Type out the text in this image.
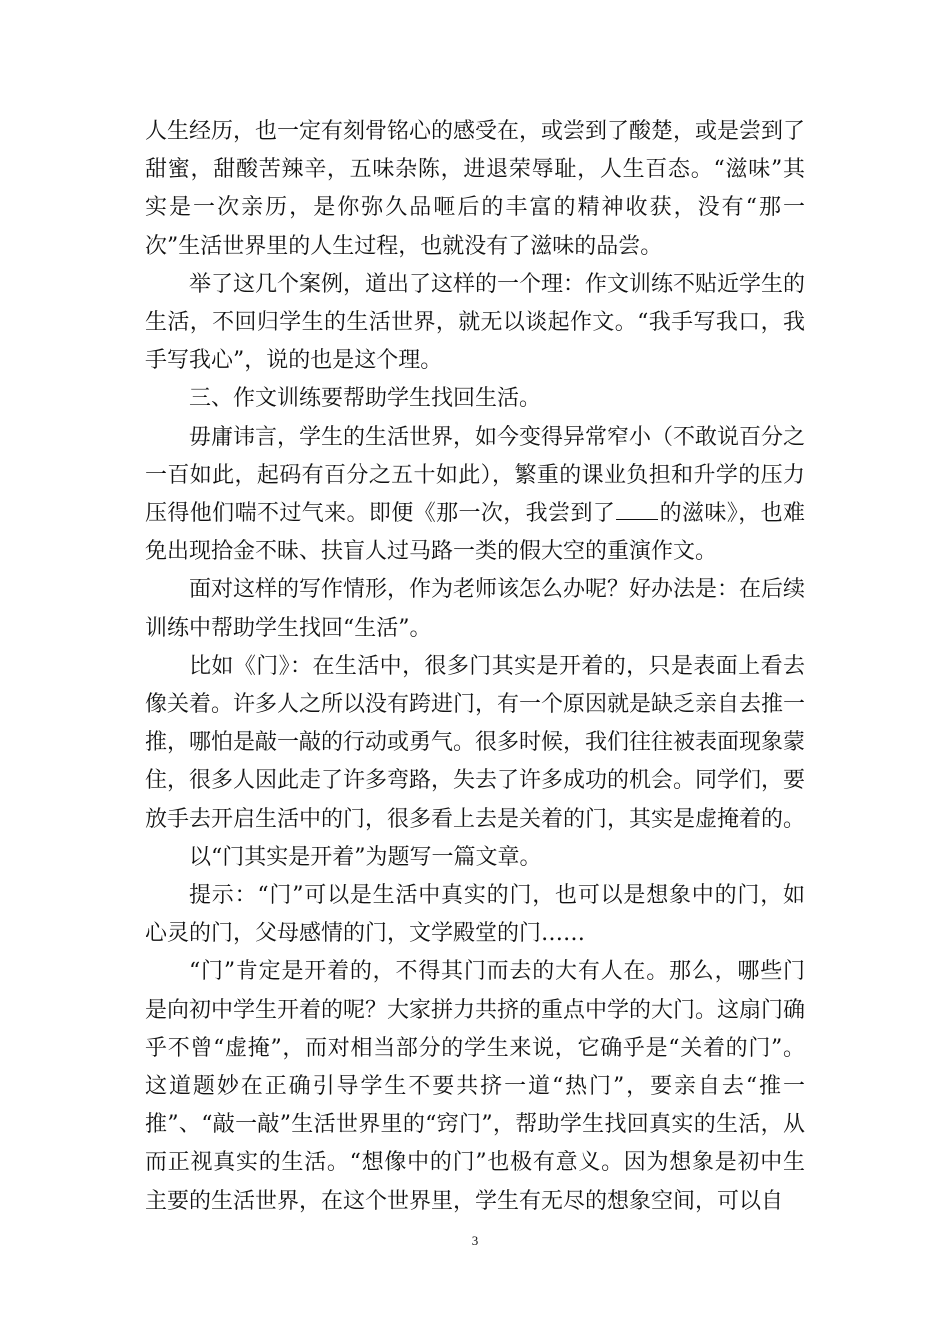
人生经历，也一定有刻骨铭心的感受在，或尝到了酸楚，或是尝到了甜蜜，甜酸苦辣辛，五味杂陈，进退荣辱耻，人生百态。“滋味”其实是一次亲历，是你弥久品咂后的丰富的精神收获，没有“那一次”生活世界里的人生过程，也就没有了滋味的品尝。

举了这几个案例，道出了这样的一个理：作文训练不贴近学生的生活，不回归学生的生活世界，就无以谈起作文。“我手写我口，我手写我心”，说的也是这个理。

三、作文训练要帮助学生找回生活。

毋庸讳言，学生的生活世界，如今变得异常窄小（不敢说百分之一百如此，起码有百分之五十如此），繁重的课业负担和升学的压力压得他们喘不过气来。即便《那一次，我尝到了 的滋味》，也难免出现拾金不昧、扶盲人过马路一类的假大空的重演作文。

面对这样的写作情形，作为老师该怎么办呢？好办法是：在后续训练中帮助学生找回“生活”。

比如《门》：在生活中，很多门其实是开着的，只是表面上看去像关着。许多人之所以没有跨进门，有一个原因就是缺乏亲自去推一推，哪怕是敲一敲的行动或勇气。很多时候，我们往往被表面现象蒙住，很多人因此走了许多弯路，失去了许多成功的机会。同学们，要放手去开启生活中的门，很多看上去是关着的门，其实是虚掩着的。

以“门其实是开着”为题写一篇文章。

提示：“门”可以是生活中真实的门，也可以是想象中的门，如心灵的门，父母感情的门，文学殿堂的门……

“门”肯定是开着的，不得其门而去的大有人在。那么，哪些门是向初中学生开着的呢？大家拼力共挤的重点中学的大门。这扇门确乎不曾“虚掩”，而对相当部分的学生来说，它确乎是“关着的门”。这道题妙在正确引导学生不要共挤一道“热门”，要亲自去“推一推”、“敲一敲”生活世界里的“窍门”，帮助学生找回真实的生活，从而正视真实的生活。“想像中的门”也极有意义。因为想象是初中生主要的生活世界，在这个世界里，学生有无尽的想象空间，可以自

3
